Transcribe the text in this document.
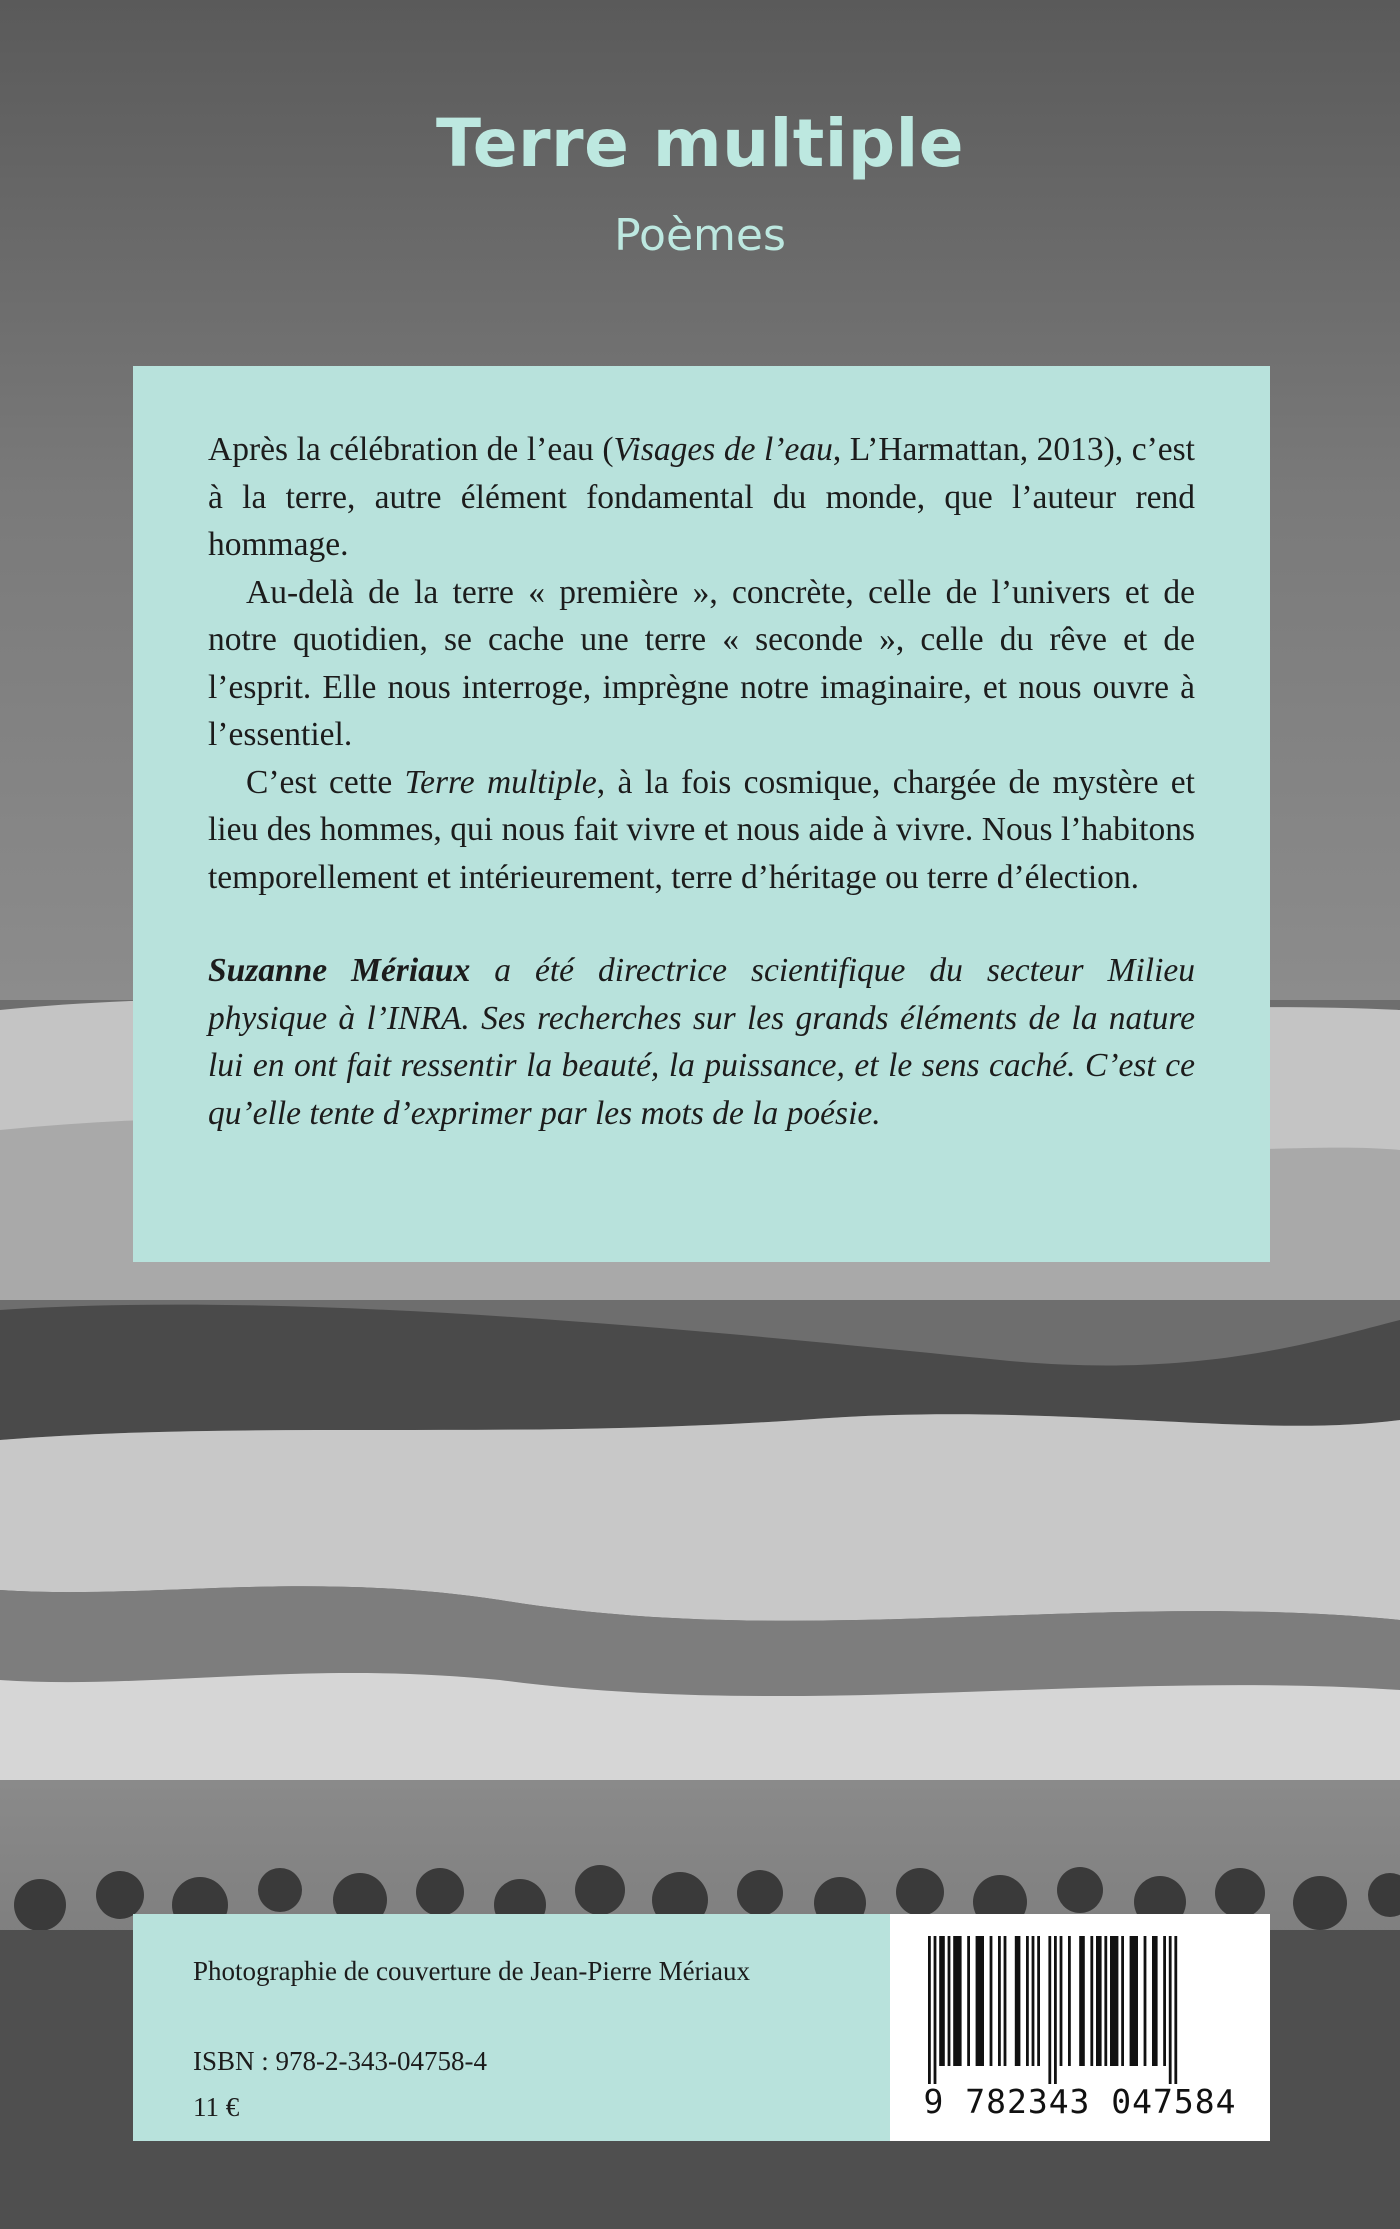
Terre multiple
Poèmes

Après la célébration de l’eau (Visages de l’eau, L’Harmattan, 2013), c’est à la terre, autre élément fondamental du monde, que l’auteur rend hommage.

Au-delà de la terre « première », concrète, celle de l’univers et de notre quotidien, se cache une terre « seconde », celle du rêve et de l’esprit. Elle nous interroge, imprègne notre imaginaire, et nous ouvre à l’essentiel.

C’est cette Terre multiple, à la fois cosmique, chargée de mystère et lieu des hommes, qui nous fait vivre et nous aide à vivre. Nous l’habitons temporellement et intérieurement, terre d’héritage ou terre d’élection.

Suzanne Mériaux a été directrice scientifique du secteur Milieu physique à l’INRA. Ses recherches sur les grands éléments de la nature lui en ont fait ressentir la beauté, la puissance, et le sens caché. C’est ce qu’elle tente d’exprimer par les mots de la poésie.

Photographie de couverture de Jean-Pierre Mériaux
ISBN : 978-2-343-04758-4
11 €	9 782343 047584
